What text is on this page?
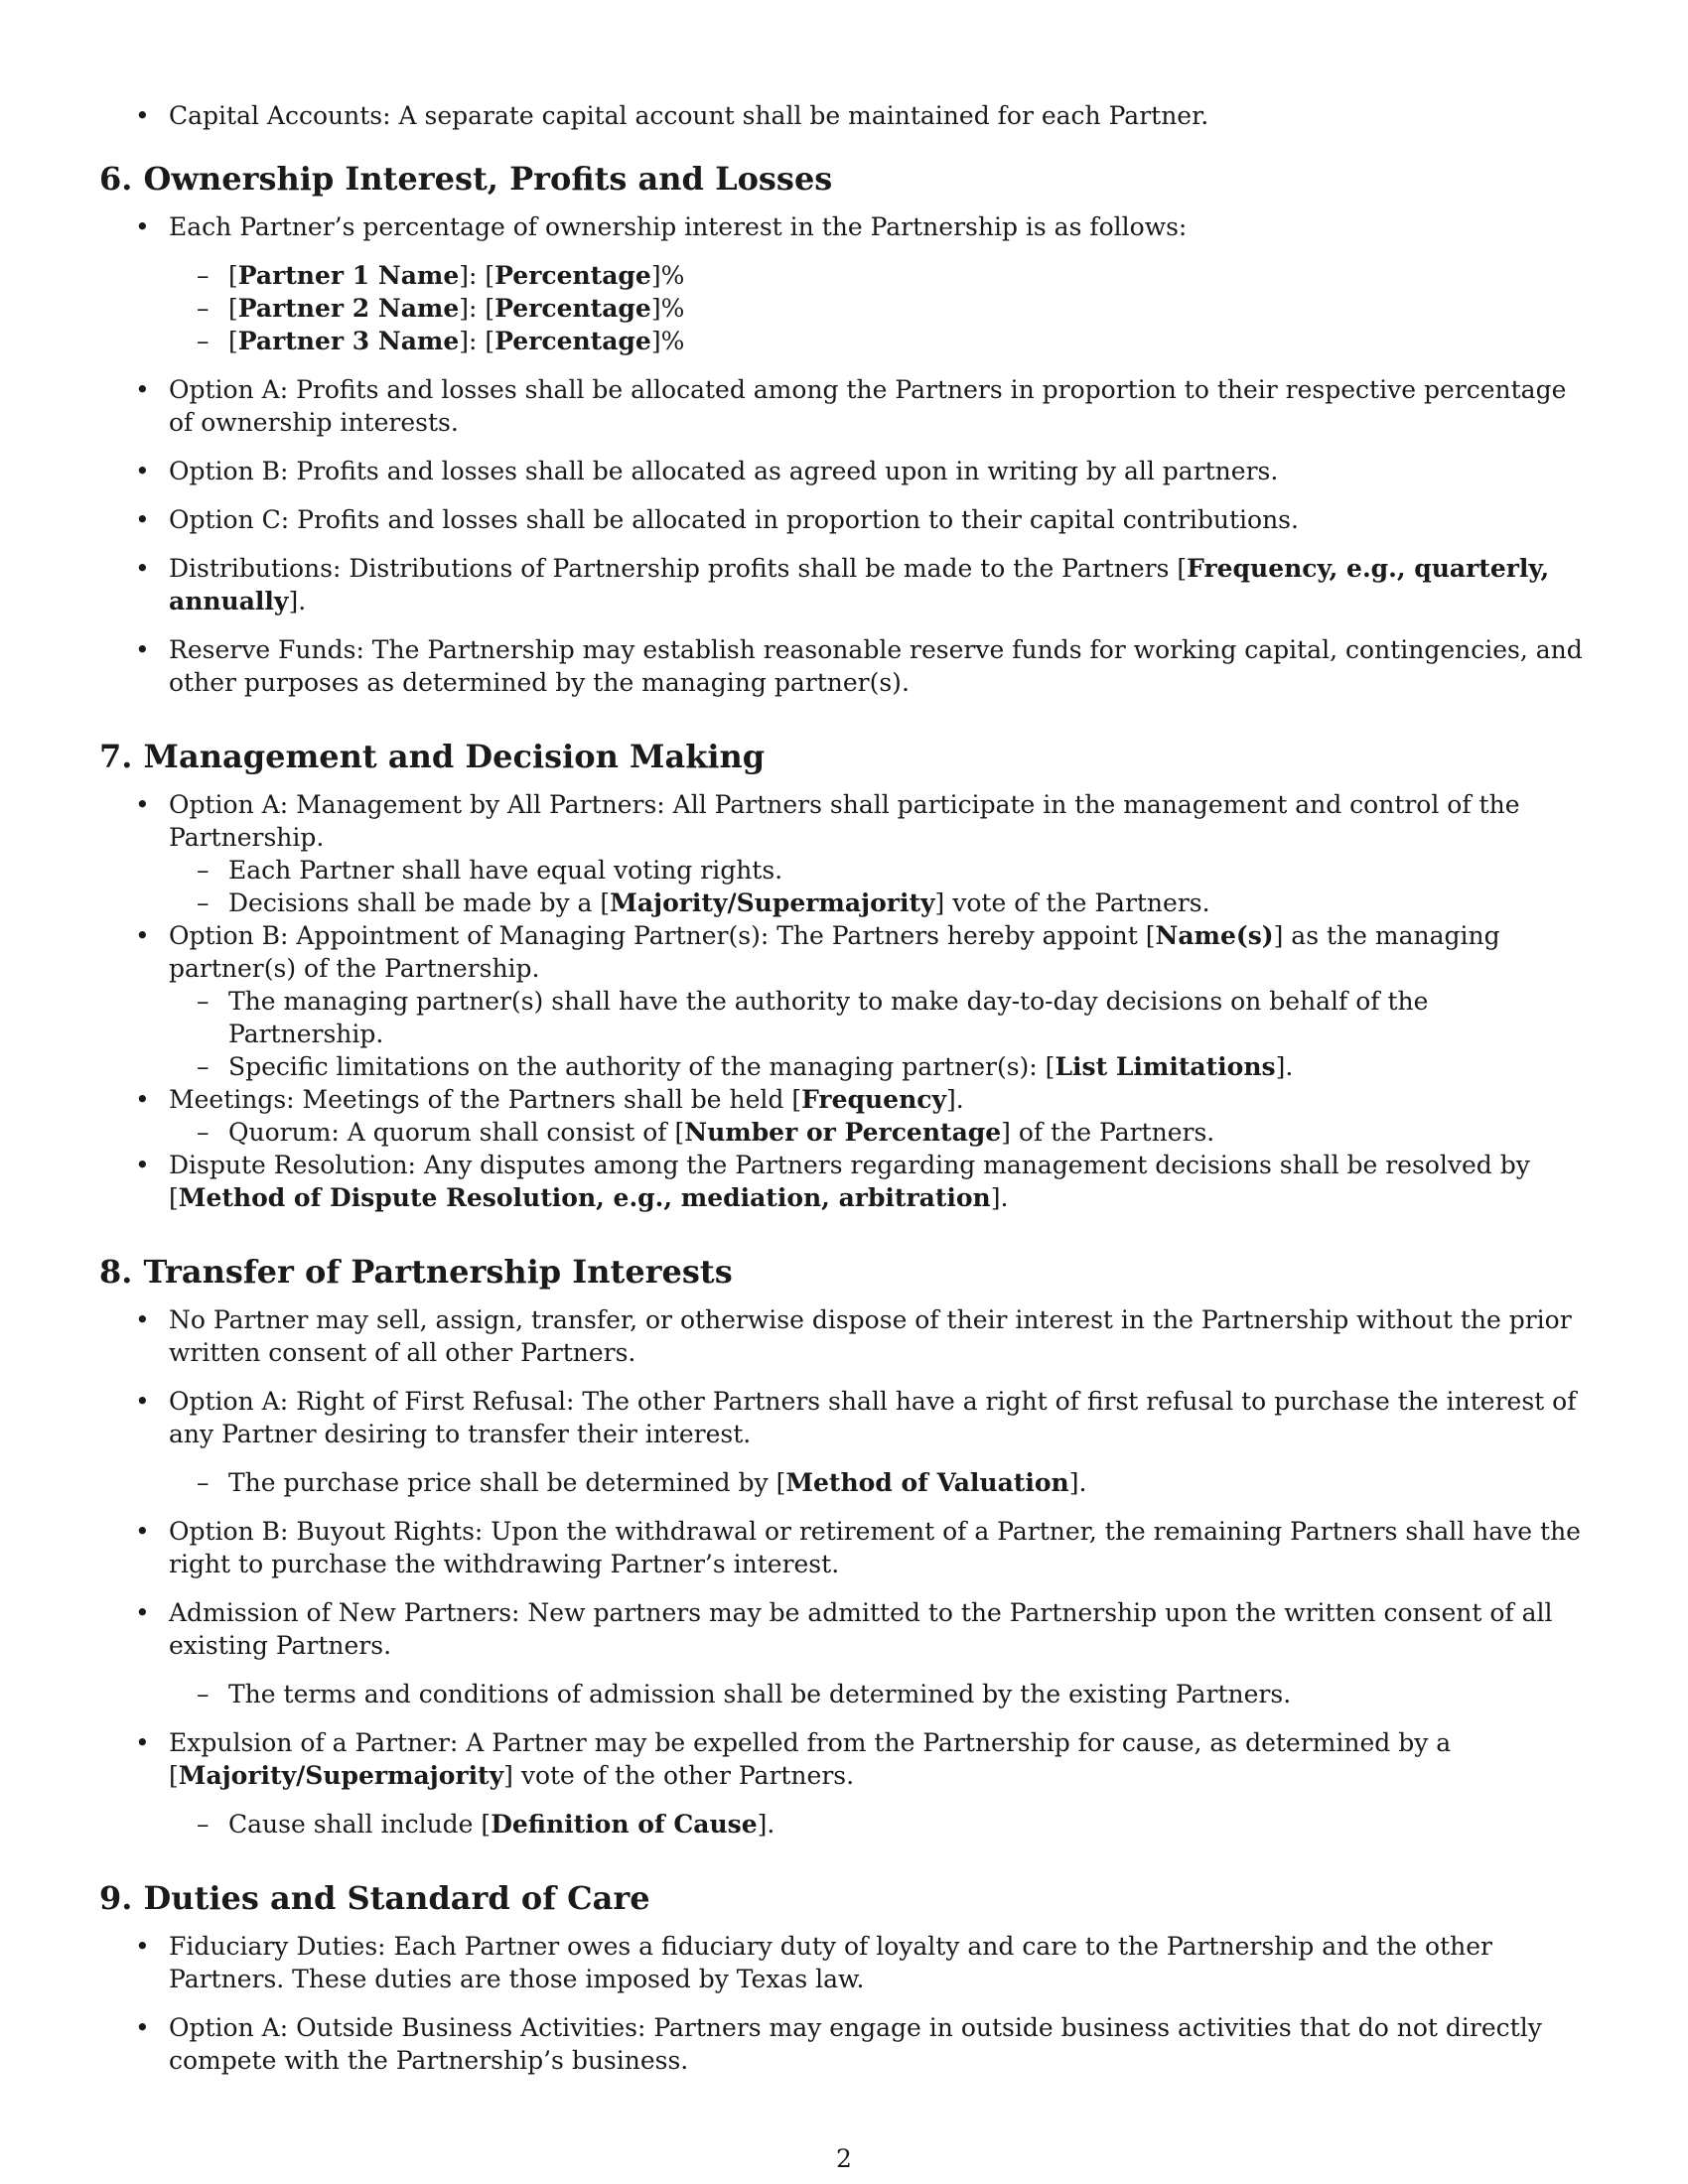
• Capital Accounts: A separate capital account shall be maintained for each Partner.
6. Ownership Interest, Profits and Losses
• Each Partner’s percentage of ownership interest in the Partnership is as follows:
– [Partner 1 Name]: [Percentage]%
– [Partner 2 Name]: [Percentage]%
– [Partner 3 Name]: [Percentage]%
• Option A: Profits and losses shall be allocated among the Partners in proportion to their respective percentage of ownership interests.
• Option B: Profits and losses shall be allocated as agreed upon in writing by all partners.
• Option C: Profits and losses shall be allocated in proportion to their capital contributions.
• Distributions: Distributions of Partnership profits shall be made to the Partners [Frequency, e.g., quarterly, annually].
• Reserve Funds: The Partnership may establish reasonable reserve funds for working capital, contingencies, and other purposes as determined by the managing partner(s).
7. Management and Decision Making
• Option A: Management by All Partners: All Partners shall participate in the management and control of the Partnership.
– Each Partner shall have equal voting rights.
– Decisions shall be made by a [Majority/Supermajority] vote of the Partners.
• Option B: Appointment of Managing Partner(s): The Partners hereby appoint [Name(s)] as the managing partner(s) of the Partnership.
– The managing partner(s) shall have the authority to make day-to-day decisions on behalf of the Partnership.
– Specific limitations on the authority of the managing partner(s): [List Limitations].
• Meetings: Meetings of the Partners shall be held [Frequency].
– Quorum: A quorum shall consist of [Number or Percentage] of the Partners.
• Dispute Resolution: Any disputes among the Partners regarding management decisions shall be resolved by [Method of Dispute Resolution, e.g., mediation, arbitration].
8. Transfer of Partnership Interests
• No Partner may sell, assign, transfer, or otherwise dispose of their interest in the Partnership without the prior written consent of all other Partners.
• Option A: Right of First Refusal: The other Partners shall have a right of first refusal to purchase the interest of any Partner desiring to transfer their interest.
– The purchase price shall be determined by [Method of Valuation].
• Option B: Buyout Rights: Upon the withdrawal or retirement of a Partner, the remaining Partners shall have the right to purchase the withdrawing Partner’s interest.
• Admission of New Partners: New partners may be admitted to the Partnership upon the written consent of all existing Partners.
– The terms and conditions of admission shall be determined by the existing Partners.
• Expulsion of a Partner: A Partner may be expelled from the Partnership for cause, as determined by a [Majority/Supermajority] vote of the other Partners.
– Cause shall include [Definition of Cause].
9. Duties and Standard of Care
• Fiduciary Duties: Each Partner owes a fiduciary duty of loyalty and care to the Partnership and the other Partners. These duties are those imposed by Texas law.
• Option A: Outside Business Activities: Partners may engage in outside business activities that do not directly compete with the Partnership’s business.
2
